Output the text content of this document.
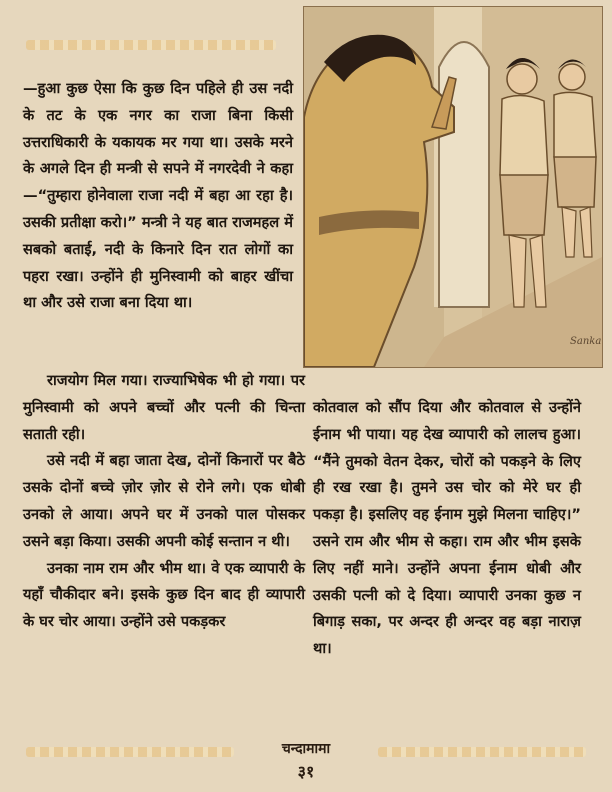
—हुआ कुछ ऐसा कि कुछ दिन पहिले ही उस नदी के तट के एक नगर का राजा बिना किसी उत्तराधिकारी के यकायक मर गया था। उसके मरने के अगले दिन ही मन्त्री से सपने में नगरदेवी ने कहा—“तुम्हारा होनेवाला राजा नदी में बहा आ रहा है। उसकी प्रतीक्षा करो।” मन्त्री ने यह बात राजमहल में सबको बताई, नदी के किनारे दिन रात लोगों का पहरा रखा। उन्होंने ही मुनिस्वामी को बाहर खींचा था और उसे राजा बना दिया था।

Sanka

राजयोग मिल गया। राज्याभिषेक भी हो गया। पर मुनिस्वामी को अपने बच्चों और पत्नी की चिन्ता सताती रही।

उसे नदी में बहा जाता देख, दोनों किनारों पर बैठे उसके दोनों बच्चे ज़ोर ज़ोर से रोने लगे। एक धोबी उनको ले आया। अपने घर में उनको पाल पोसकर उसने बड़ा किया। उसकी अपनी कोई सन्तान न थी।

उनका नाम राम और भीम था। वे एक व्यापारी के यहाँ चौकीदार बने। इसके कुछ दिन बाद ही व्यापारी के घर चोर आया। उन्होंने उसे पकड़कर

कोतवाल को सौंप दिया और कोतवाल से उन्होंने ईनाम भी पाया। यह देख व्यापारी को लालच हुआ। “मैंने तुमको वेतन देकर, चोरों को पकड़ने के लिए ही रख रखा है। तुमने उस चोर को मेरे घर ही पकड़ा है। इसलिए वह ईनाम मुझे मिलना चाहिए।” उसने राम और भीम से कहा। राम और भीम इसके लिए नहीं माने। उन्होंने अपना ईनाम धोबी और उसकी पत्नी को दे दिया। व्यापारी उनका कुछ न बिगाड़ सका, पर अन्दर ही अन्दर वह बड़ा नाराज़ था।

चन्दामामा
३१
